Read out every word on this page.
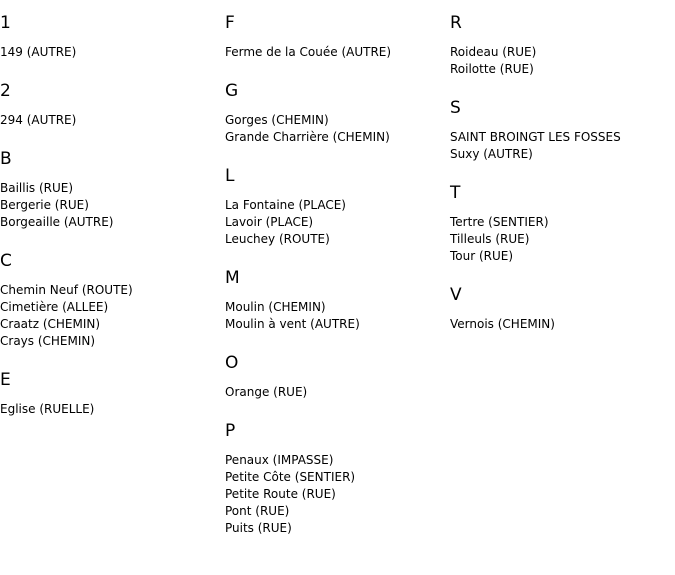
1
149 (AUTRE)
2
294 (AUTRE)
B
Baillis (RUE)
Bergerie (RUE)
Borgeaille (AUTRE)
C
Chemin Neuf (ROUTE)
Cimetière (ALLEE)
Craatz (CHEMIN)
Crays (CHEMIN)
E
Eglise (RUELLE)
F
Ferme de la Couée (AUTRE)
G
Gorges (CHEMIN)
Grande Charrière (CHEMIN)
L
La Fontaine (PLACE)
Lavoir (PLACE)
Leuchey (ROUTE)
M
Moulin (CHEMIN)
Moulin à vent (AUTRE)
O
Orange (RUE)
P
Penaux (IMPASSE)
Petite Côte (SENTIER)
Petite Route (RUE)
Pont (RUE)
Puits (RUE)
R
Roideau (RUE)
Roilotte (RUE)
S
SAINT BROINGT LES FOSSES
Suxy (AUTRE)
T
Tertre (SENTIER)
Tilleuls (RUE)
Tour (RUE)
V
Vernois (CHEMIN)
